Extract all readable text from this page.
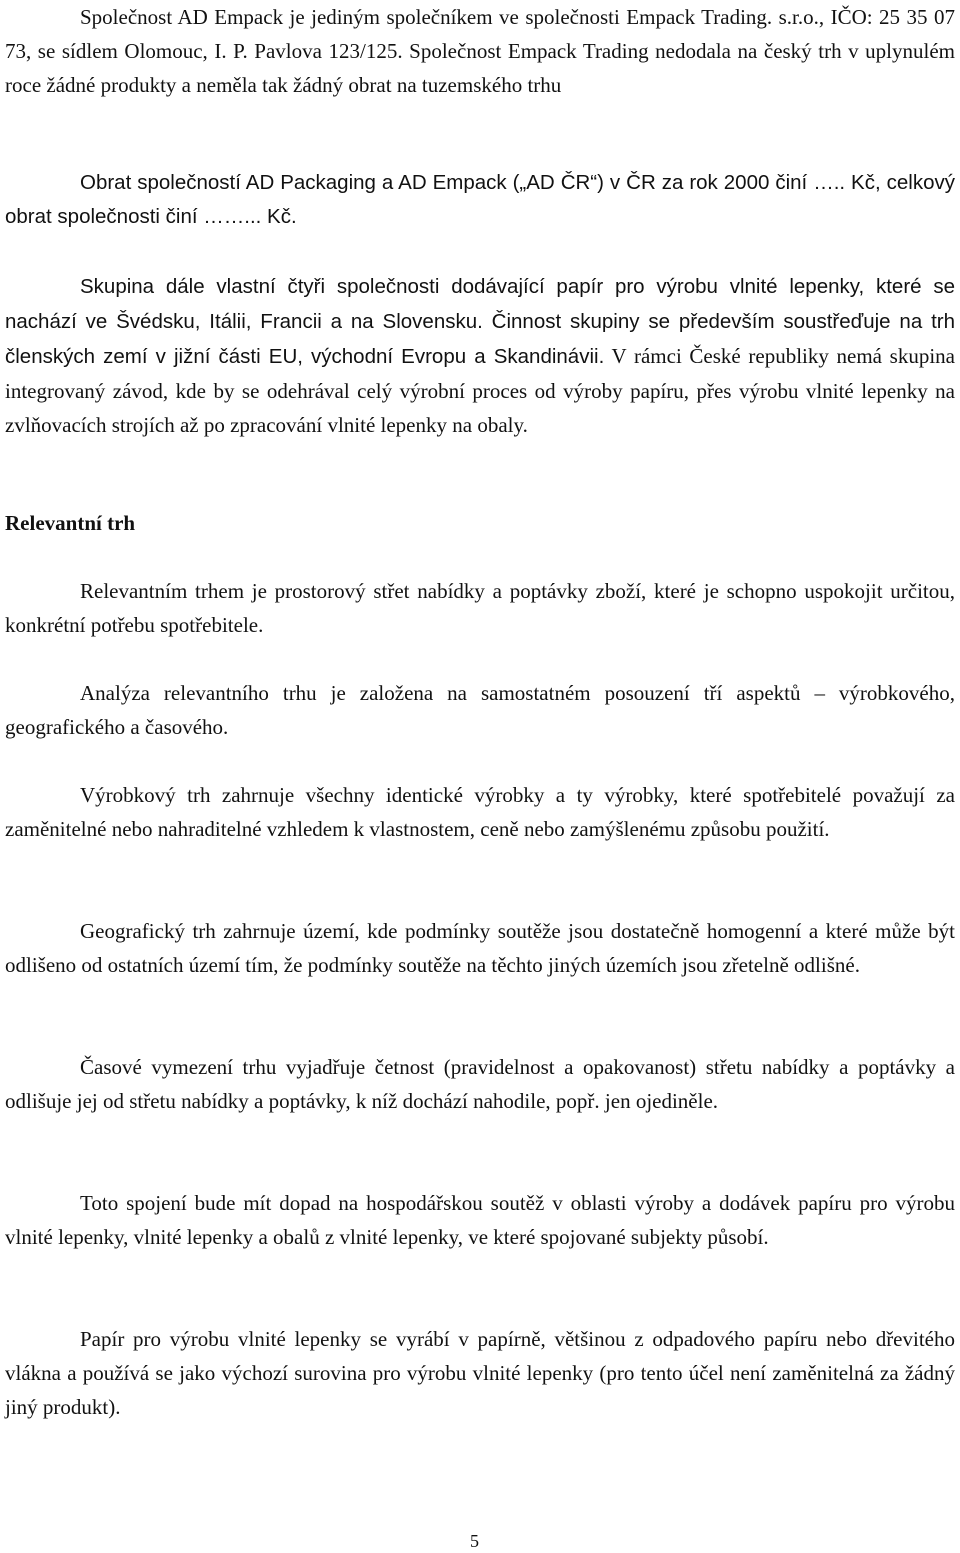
Společnost AD Empack je jediným společníkem ve společnosti Empack Trading. s.r.o., IČO: 25 35 07 73, se sídlem Olomouc, I. P. Pavlova 123/125. Společnost Empack Trading nedodala na český trh v uplynulém roce žádné produkty a neměla tak žádný obrat na tuzemského trhu

Obrat společností AD Packaging a AD Empack („AD ČR“) v ČR za rok 2000 činí ….. Kč, celkový obrat společnosti činí ……... Kč.

Skupina dále vlastní čtyři společnosti dodávající papír pro výrobu vlnité lepenky, které se nachází ve Švédsku, Itálii, Francii a na Slovensku. Činnost skupiny se především soustřeďuje na trh členských zemí v jižní části EU, východní Evropu a Skandinávii. V rámci České republiky nemá skupina integrovaný závod, kde by se odehrával celý výrobní proces od výroby papíru, přes výrobu vlnité lepenky na zvlňovacích strojích až po zpracování vlnité lepenky na obaly.

Relevantní trh

Relevantním trhem je prostorový střet nabídky a poptávky zboží, které je schopno uspokojit určitou, konkrétní potřebu spotřebitele.

Analýza relevantního trhu je založena na samostatném posouzení tří aspektů – výrobkového, geografického a časového.

Výrobkový trh zahrnuje všechny identické výrobky a ty výrobky, které spotřebitelé považují za zaměnitelné nebo nahraditelné vzhledem k vlastnostem, ceně nebo zamýšlenému způsobu použití.

Geografický trh zahrnuje území, kde podmínky soutěže jsou dostatečně homogenní a které může být odlišeno od ostatních území tím, že podmínky soutěže na těchto jiných územích jsou zřetelně odlišné.

Časové vymezení trhu vyjadřuje četnost (pravidelnost a opakovanost) střetu nabídky a poptávky a odlišuje jej od střetu nabídky a poptávky, k níž dochází nahodile, popř. jen ojediněle.

Toto spojení bude mít dopad na hospodářskou soutěž v oblasti výroby a dodávek papíru pro výrobu vlnité lepenky, vlnité lepenky a obalů z vlnité lepenky, ve které spojované subjekty působí.

Papír pro výrobu vlnité lepenky se vyrábí v papírně, většinou z odpadového papíru nebo dřevitého vlákna a používá se jako výchozí surovina pro výrobu vlnité lepenky (pro tento účel není zaměnitelná za žádný jiný produkt).

5
